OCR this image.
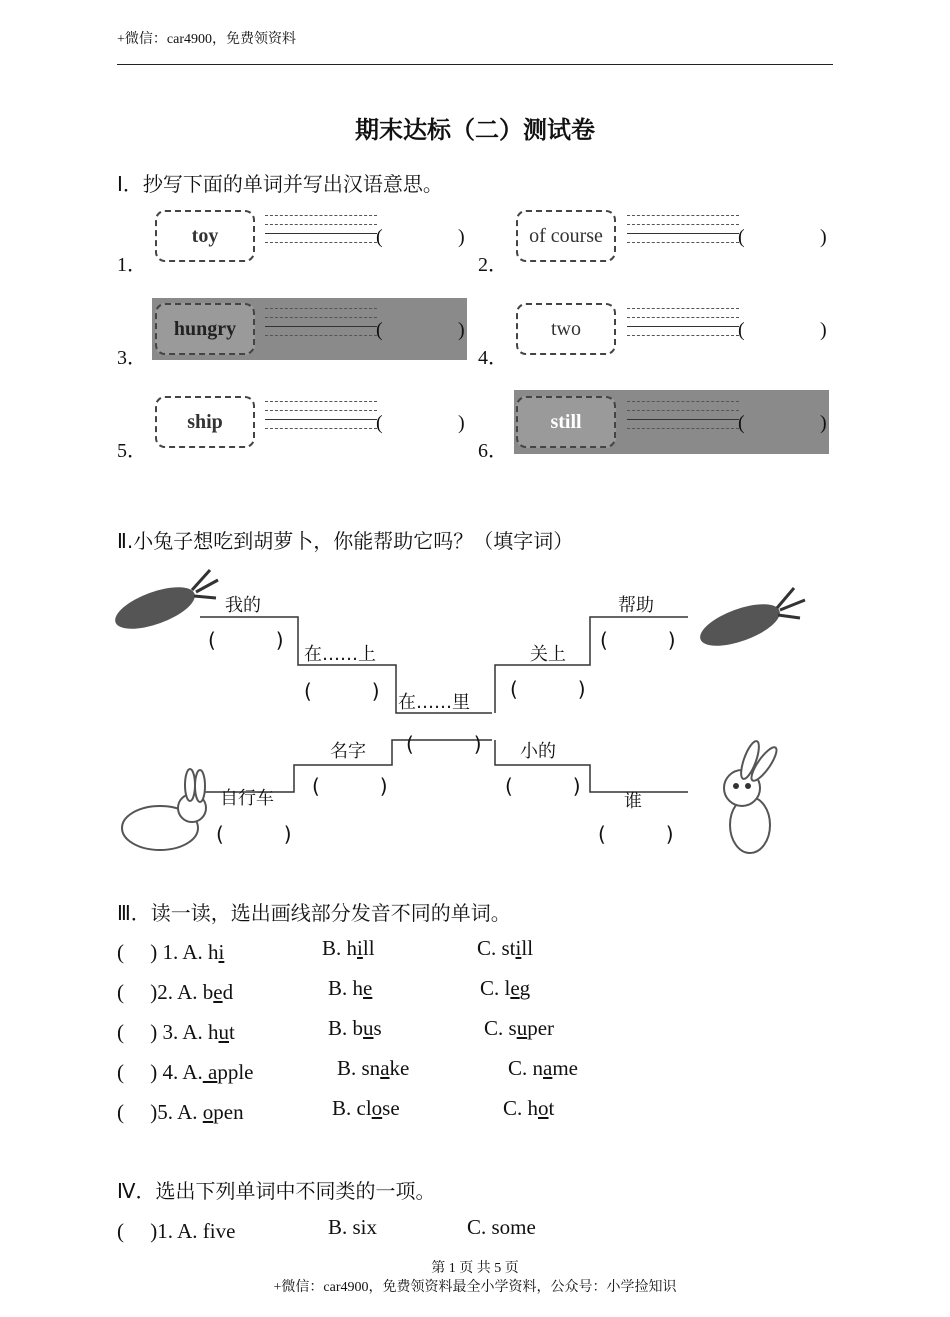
+微信：car4900，免费领资料
期末达标（二）测试卷
I．抄写下面的单词并写出汉语意思。
1．
toy	(	)
2．
of course	(	)
3．
hungry	(	)
4．
two	(	)
5．
ship	(	)
6．
still	(	)
Ⅱ.小兔子想吃到胡萝卜，你能帮助它吗？（填字词）
我的
在……上
在……里
名字
自行车
帮助
关上
小的
谁
(　　　)
(　　　)
(　　　)
(　　　)
(　　　)
(　　　)
(　　　)
(　　　)
(　　　)
Ⅲ．读一读，选出画线部分发音不同的单词。
(　 ) 1. A. hi	B. hill	C. still
(　 )2. A. bed	B. he	C. leg
(　 ) 3. A. hut	B. bus	C. super
(　 ) 4. A. apple	B. snake	C. name
(　 )5. A. open	B. close	C. hot
Ⅳ．选出下列单词中不同类的一项。
(　 )1. A. five	B. six	C. some
第 1 页 共 5 页
+微信：car4900，免费领资料最全小学资料，公众号：小学捡知识
